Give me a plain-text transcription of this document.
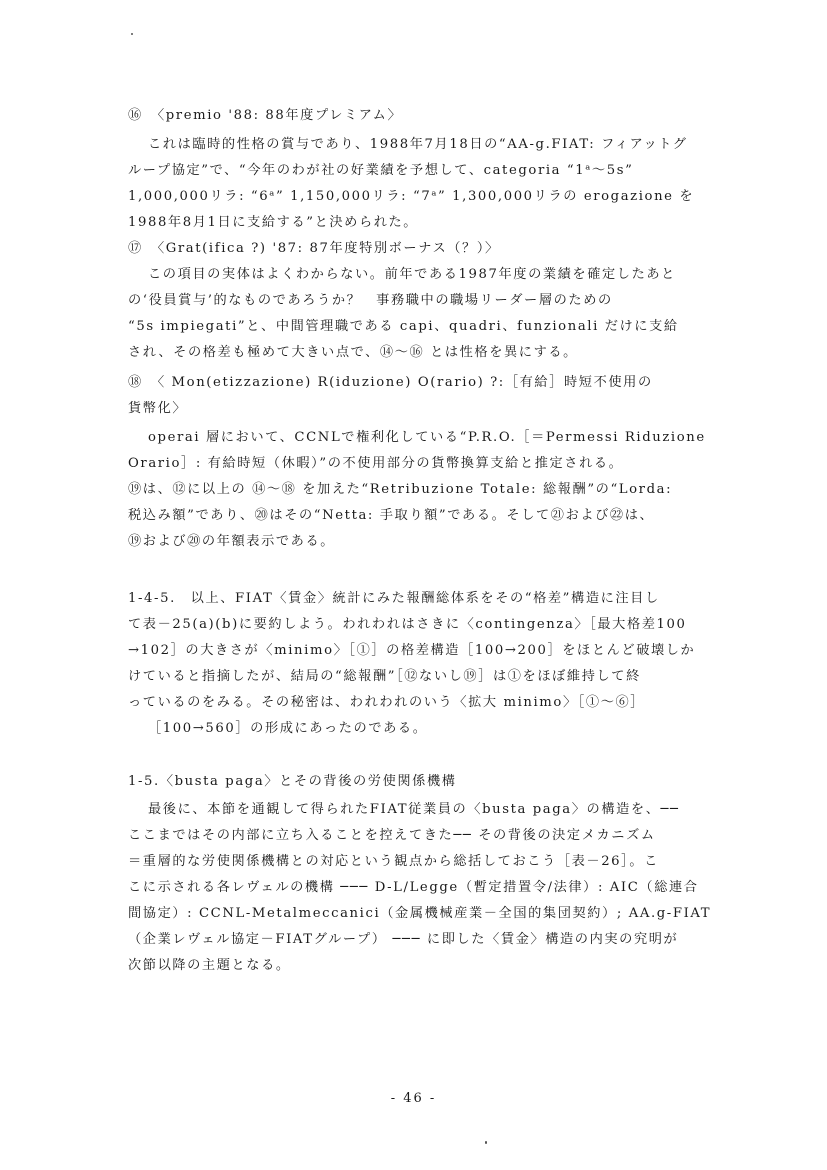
⑯　〈premio '88: 88年度プレミアム〉
これは臨時的性格の賞与であり、1988年7月18日の“AA-g.FIAT: フィアットグ
ループ協定”で、“今年のわが社の好業績を予想して、categoria “1ᵃ～5s”
1,000,000リラ: “6ᵃ” 1,150,000リラ: “7ᵃ” 1,300,000リラの erogazione を
1988年8月1日に支給する”と決められた。
⑰　〈Grat(ifica ?) '87: 87年度特別ボーナス（？）〉
この項目の実体はよくわからない。前年である1987年度の業績を確定したあと
の‘役員賞与’的なものであろうか？　事務職中の職場リーダー層のための
“5s impiegati”と、中間管理職である capi、quadri、funzionali だけに支給
され、その格差も極めて大きい点で、⑭～⑯ とは性格を異にする。
⑱　〈 Mon(etizzazione) R(iduzione) O(rario) ?:［有給］時短不使用の
貨幣化〉
operai 層において、CCNLで権利化している“P.R.O.［＝Permessi Riduzione
Orario］: 有給時短（休暇）”の不使用部分の貨幣換算支給と推定される。
⑲は、⑫に以上の ⑭～⑱ を加えた“Retribuzione Totale: 総報酬”の“Lorda:
税込み額”であり、⑳はその“Netta: 手取り額”である。そして㉑および㉒は、
⑲および⑳の年額表示である。
1-4-5.　以上、FIAT〈賃金〉統計にみた報酬総体系をその“格差”構造に注目し
て表－25(a)(b)に要約しよう。われわれはさきに〈contingenza〉［最大格差100
→102］の大きさが〈minimo〉［①］の格差構造［100→200］をほとんど破壊しか
けていると指摘したが、結局の“総報酬”［⑫ないし⑲］は①をほぼ維持して終
っているのをみる。その秘密は、われわれのいう〈拡大 minimo〉［①～⑥］
［100→560］の形成にあったのである。
1-5.〈busta paga〉とその背後の労使関係機構
最後に、本節を通観して得られたFIAT従業員の〈busta paga〉の構造を、──
ここまではその内部に立ち入ることを控えてきた── その背後の決定メカニズム
＝重層的な労使関係機構との対応という観点から総括しておこう［表－26］。こ
こに示される各レヴェルの機構 ─── D-L/Legge（暫定措置令/法律）: AIC（総連合
間協定）: CCNL-Metalmeccanici（金属機械産業－全国的集団契約）; AA.g-FIAT
（企業レヴェル協定－FIATグループ） ─── に即した〈賃金〉構造の内実の究明が
次節以降の主題となる。
- 46 -
